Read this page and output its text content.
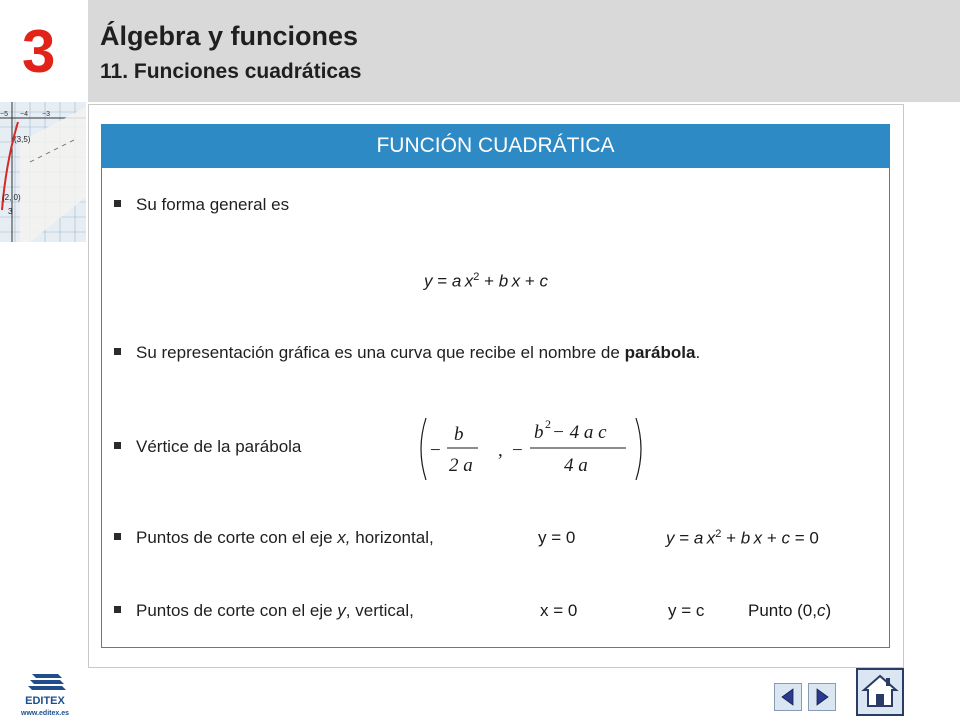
3 Álgebra y funciones
11. Funciones cuadráticas
−5 −4 −3
(3,5)
(2, 0)
3
FUNCIÓN CUADRÁTICA
Su forma general es
y = a  $x^2 + b$  x + c
Su representación gráfica es una curva que recibe el nombre de parábola.
Vértice de la parábola	−
b
2 a
, −
b 2 − 4 a c
4 a
Puntos de corte con el eje x, horizontal,	y = 0	y = a  $x^2 + b$  x + c = 0
Puntos de corte con el eje y, vertical,	x = 0	y = c	Punto (0,c)
EDITEX
www.editex.es
